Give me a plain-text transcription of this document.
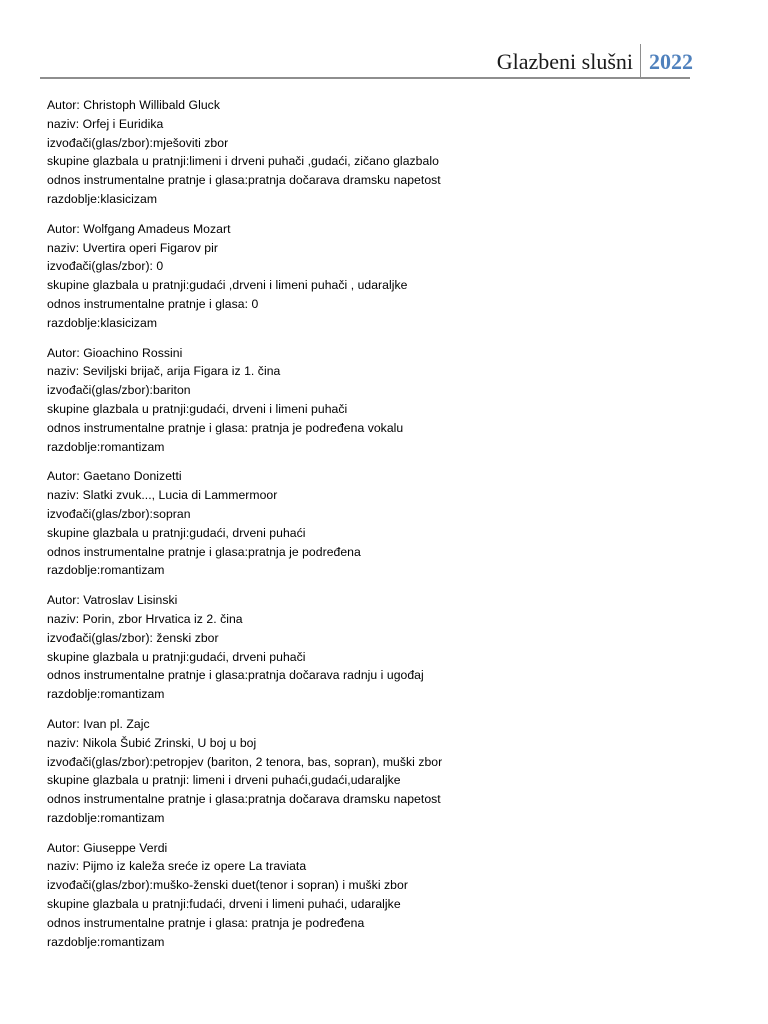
Glazbeni slušni 2022
Autor: Christoph Willibald Gluck
naziv: Orfej i Euridika
izvođači(glas/zbor):mješoviti zbor
skupine glazbala u pratnji:limeni i drveni puhači ,gudaći, zičano glazbalo
odnos instrumentalne pratnje i glasa:pratnja dočarava dramsku napetost
razdoblje:klasicizam
Autor: Wolfgang Amadeus Mozart
naziv: Uvertira operi Figarov pir
izvođači(glas/zbor): 0
skupine glazbala u pratnji:gudaći ,drveni i limeni puhači , udaraljke
odnos instrumentalne pratnje i glasa: 0
razdoblje:klasicizam
Autor: Gioachino Rossini
naziv: Seviljski brijač, arija Figara iz 1. čina
izvođači(glas/zbor):bariton
skupine glazbala u pratnji:gudaći, drveni i limeni puhači
odnos instrumentalne pratnje i glasa: pratnja je podređena vokalu
razdoblje:romantizam
Autor: Gaetano Donizetti
naziv: Slatki zvuk..., Lucia di Lammermoor
izvođači(glas/zbor):sopran
skupine glazbala u pratnji:gudaći, drveni puhaći
odnos instrumentalne pratnje i glasa:pratnja je podređena
razdoblje:romantizam
Autor: Vatroslav Lisinski
naziv: Porin, zbor Hrvatica iz 2. čina
izvođači(glas/zbor): ženski zbor
skupine glazbala u pratnji:gudaći, drveni puhači
odnos instrumentalne pratnje i glasa:pratnja dočarava radnju i ugođaj
razdoblje:romantizam
Autor: Ivan pl. Zajc
naziv: Nikola Šubić Zrinski, U boj u boj
izvođači(glas/zbor):petropjev (bariton, 2 tenora, bas, sopran), muški zbor
skupine glazbala u pratnji: limeni i drveni puhaći,gudaći,udaraljke
odnos instrumentalne pratnje i glasa:pratnja dočarava dramsku napetost
razdoblje:romantizam
Autor: Giuseppe Verdi
naziv: Pijmo iz kaleža sreće iz opere La traviata
izvođači(glas/zbor):muško-ženski duet(tenor i sopran) i muški zbor
skupine glazbala u pratnji:fudaći, drveni i limeni puhaći, udaraljke
odnos instrumentalne pratnje i glasa: pratnja je podređena
razdoblje:romantizam
